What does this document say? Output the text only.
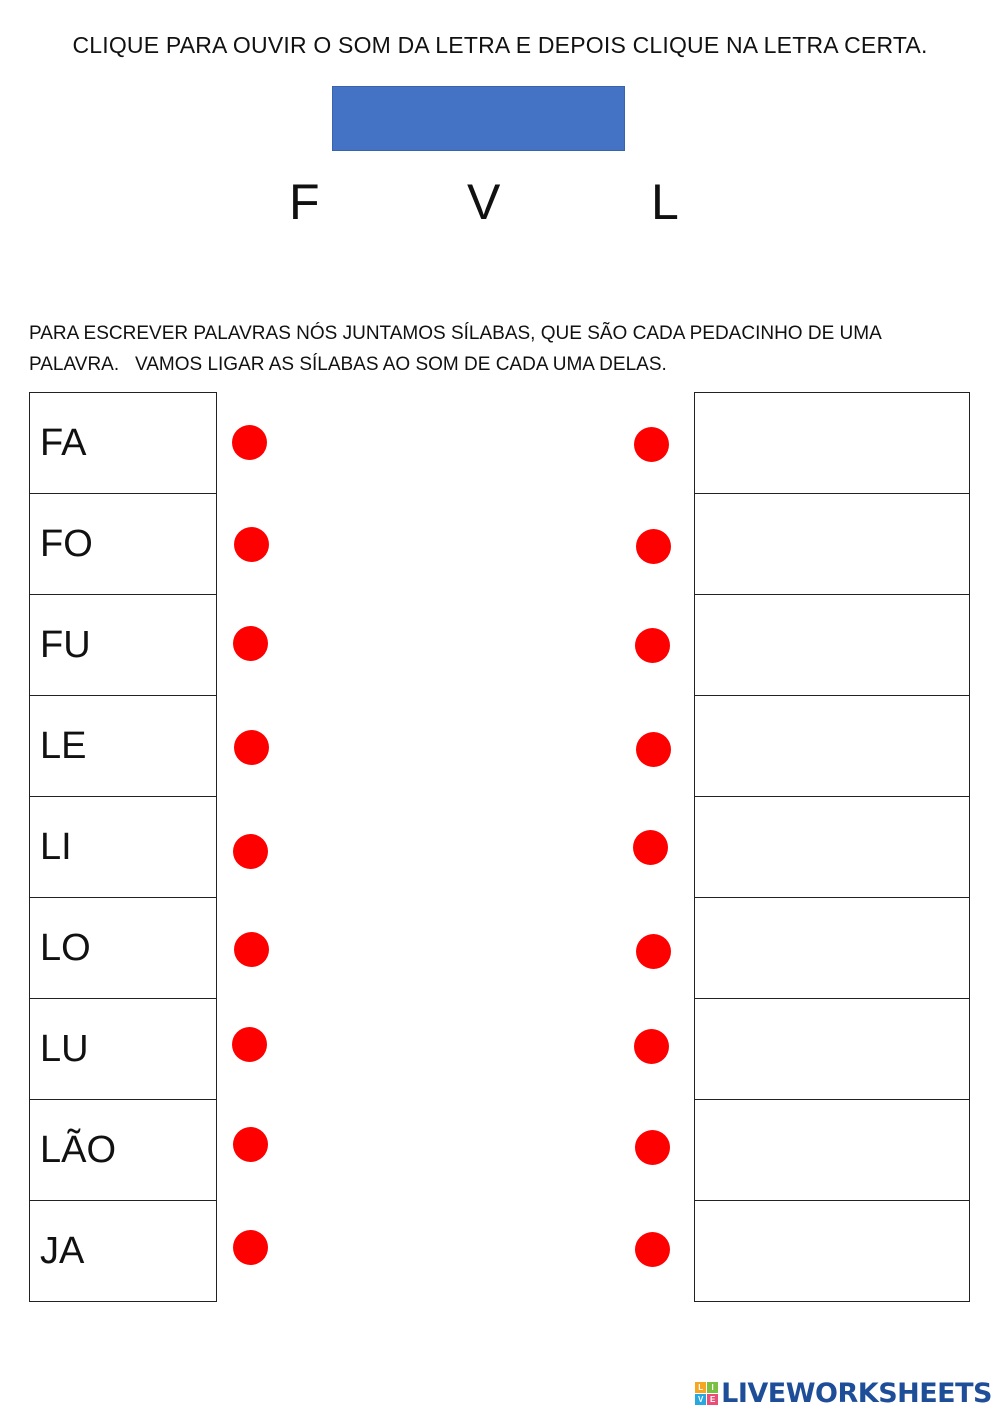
CLIQUE PARA OUVIR O SOM DA LETRA E DEPOIS CLIQUE NA LETRA CERTA.
F	V	L
PARA ESCREVER PALAVRAS NÓS JUNTAMOS SÍLABAS, QUE SÃO CADA PEDACINHO DE UMA PALAVRA.   VAMOS LIGAR AS SÍLABAS AO SOM DE CADA UMA DELAS.
FA
FO
FU
LE
LI
LO
LU
LÃO
JA
L	I
V E LIVEWORKSHEETS
